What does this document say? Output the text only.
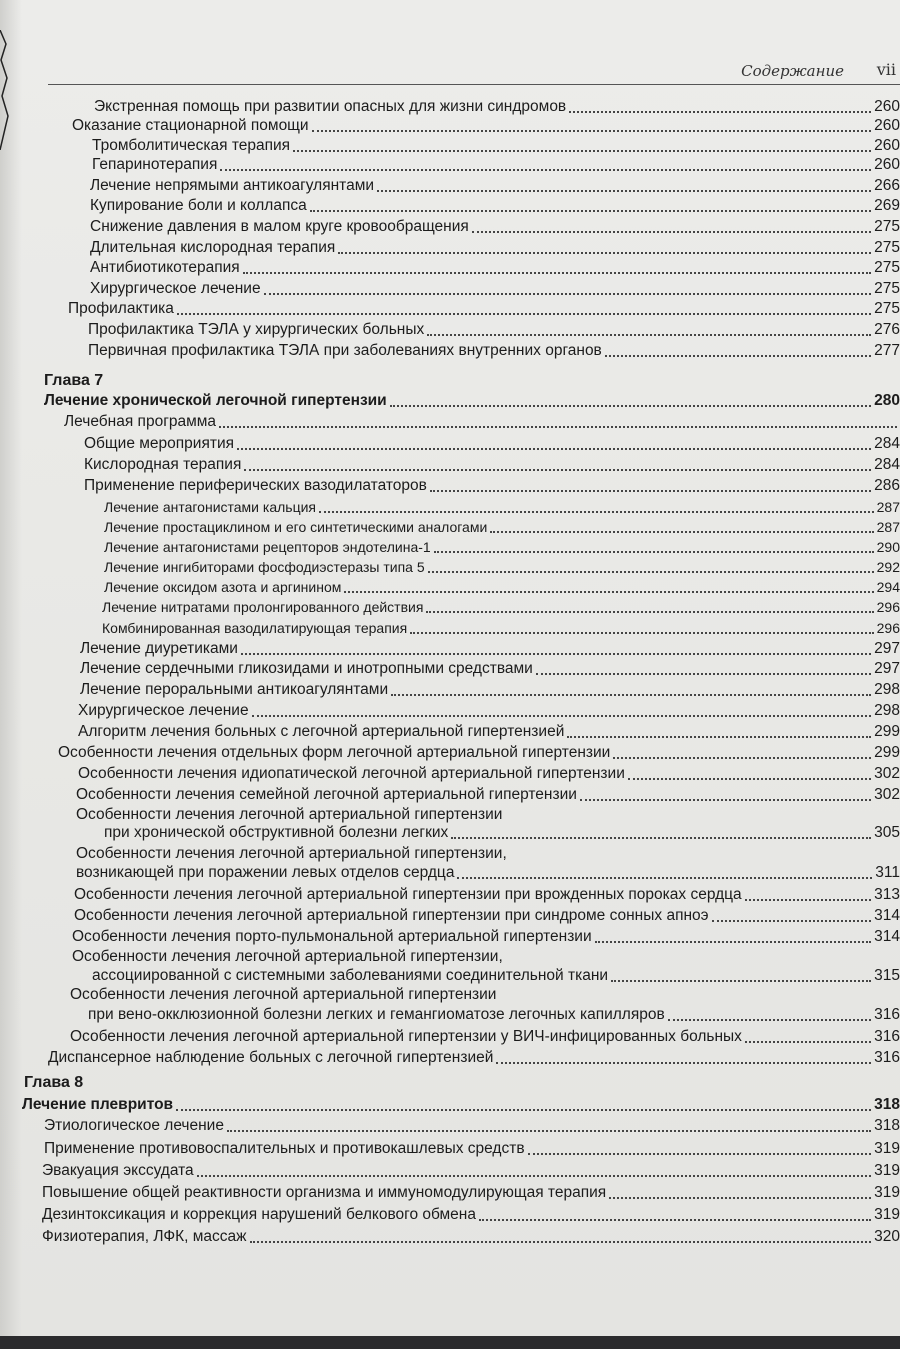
Содержание vii
Экстренная помощь при развитии опасных для жизни синдромов	260
Оказание стационарной помощи	260
Тромболитическая терапия	260
Гепаринотерапия	260
Лечение непрямыми антикоагулянтами	266
Купирование боли и коллапса	269
Снижение давления в малом круге кровообращения	275
Длительная кислородная терапия	275
Антибиотикотерапия	275
Хирургическое лечение	275
Профилактика	275
Профилактика ТЭЛА у хирургических больных	276
Первичная профилактика ТЭЛА при заболеваниях внутренних органов	277
Глава 7
Лечение хронической легочной гипертензии	280
Лечебная программа
Общие мероприятия	284
Кислородная терапия	284
Применение периферических вазодилататоров	286
Лечение антагонистами кальция	287
Лечение простациклином и его синтетическими аналогами	287
Лечение антагонистами рецепторов эндотелина-1	290
Лечение ингибиторами фосфодиэстеразы типа 5	292
Лечение оксидом азота и аргинином	294
Лечение нитратами пролонгированного действия	296
Комбинированная вазодилатирующая терапия	296
Лечение диуретиками	297
Лечение сердечными гликозидами и инотропными средствами	297
Лечение пероральными антикоагулянтами	298
Хирургическое лечение	298
Алгоритм лечения больных с легочной артериальной гипертензией	299
Особенности лечения отдельных форм легочной артериальной гипертензии	299
Особенности лечения идиопатической легочной артериальной гипертензии	302
Особенности лечения семейной легочной артериальной гипертензии	302
Особенности лечения легочной артериальной гипертензии
при хронической обструктивной болезни легких	305
Особенности лечения легочной артериальной гипертензии,
возникающей при поражении левых отделов сердца	311
Особенности лечения легочной артериальной гипертензии при врожденных пороках сердца	313
Особенности лечения легочной артериальной гипертензии при синдроме сонных апноэ	314
Особенности лечения порто-пульмональной артериальной гипертензии	314
Особенности лечения легочной артериальной гипертензии,
ассоциированной с системными заболеваниями соединительной ткани	315
Особенности лечения легочной артериальной гипертензии
при вено-окклюзионной болезни легких и гемангиоматозе легочных капилляров	316
Особенности лечения легочной артериальной гипертензии у ВИЧ-инфицированных больных	316
Диспансерное наблюдение больных с легочной гипертензией	316
Глава 8
Лечение плевритов	318
Этиологическое лечение	318
Применение противовоспалительных и противокашлевых средств	319
Эвакуация экссудата	319
Повышение общей реактивности организма и иммуномодулирующая терапия	319
Дезинтоксикация и коррекция нарушений белкового обмена	319
Физиотерапия, ЛФК, массаж	320
